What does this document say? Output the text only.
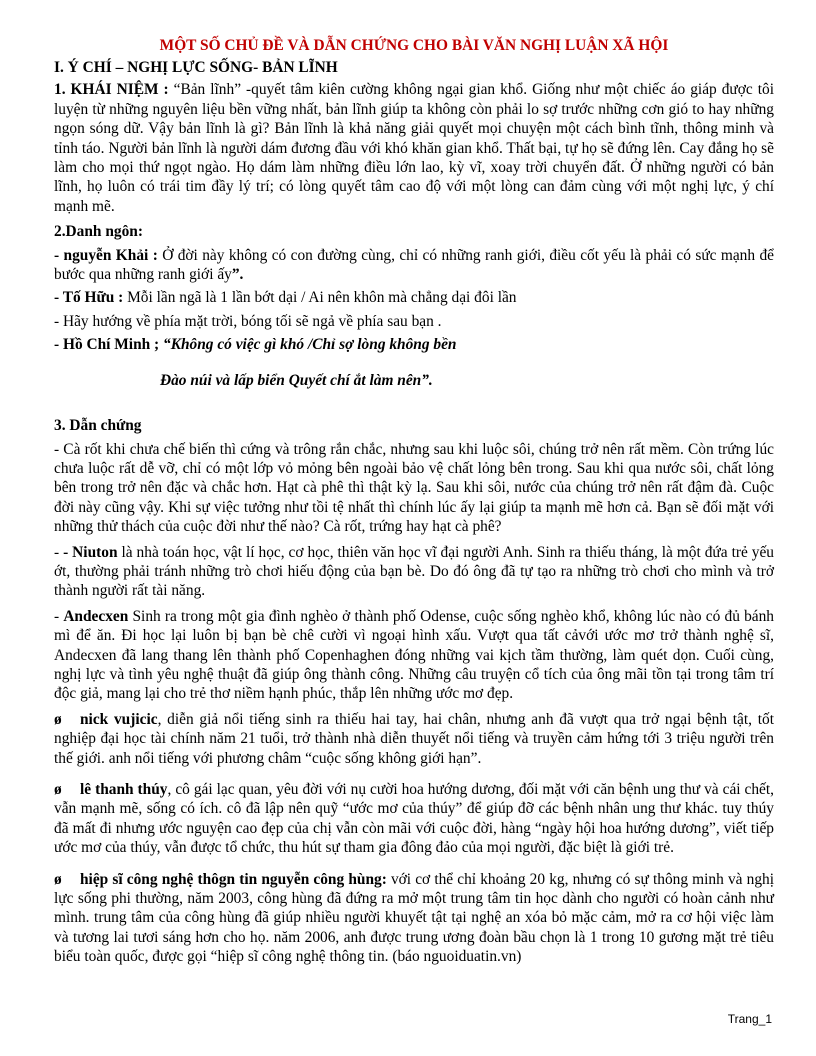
MỘT SỐ CHỦ ĐỀ VÀ DẪN CHỨNG CHO BÀI VĂN NGHỊ LUẬN XÃ HỘI
I. Ý CHÍ – NGHỊ LỰC SỐNG- BẢN LĨNH

1. KHÁI NIỆM : “Bản lĩnh” -quyết tâm kiên cường không ngại gian khổ. Giống như một chiếc áo giáp được tôi luyện từ những nguyên liệu bền vững nhất, bản lĩnh giúp ta không còn phải lo sợ trước những cơn gió to hay những ngọn sóng dữ. Vậy bản lĩnh là gì? Bản lĩnh là khả năng giải quyết mọi chuyện một cách bình tĩnh, thông minh và tỉnh táo. Người bản lĩnh là người dám đương đầu với khó khăn gian khổ. Thất bại, tự họ sẽ đứng lên. Cay đắng họ sẽ làm cho mọi thứ ngọt ngào. Họ dám làm những điều lớn lao, kỳ vĩ, xoay trời chuyển đất. Ở những người có bản lĩnh, họ luôn có trái tim đầy lý trí; có lòng quyết tâm cao độ với một lòng can đảm cùng với một nghị lực, ý chí mạnh mẽ.

2.Danh ngôn:

- nguyễn Khải : Ở đời này không có con đường cùng, chỉ có những ranh giới, điều cốt yếu là phải có sức mạnh để bước qua những ranh giới ấy”.

- Tố Hữu : Mỗi lần ngã là 1 lần bớt dại / Ai nên khôn mà chẳng dại đôi lần

- Hãy hướng về phía mặt trời, bóng tối sẽ ngả về phía sau bạn .

- Hồ Chí Minh ; “Không có việc gì khó /Chỉ sợ lòng không bền

Đào núi và lấp biển Quyết chí ắt làm nên”.

3. Dẫn chứng

- Cà rốt khi chưa chế biến thì cứng và trông rắn chắc, nhưng sau khi luộc sôi, chúng trở nên rất mềm. Còn trứng lúc chưa luộc rất dễ vỡ, chỉ có một lớp vỏ mỏng bên ngoài bảo vệ chất lỏng bên trong. Sau khi qua nước sôi, chất lỏng bên trong trở nên đặc và chắc hơn. Hạt cà phê thì thật kỳ lạ. Sau khi sôi, nước của chúng trở nên rất đậm đà. Cuộc đời này cũng vậy. Khi sự việc tưởng như tồi tệ nhất thì chính lúc ấy lại giúp ta mạnh mẽ hơn cả. Bạn sẽ đối mặt với những thử thách của cuộc đời như thế nào? Cà rốt, trứng hay hạt cà phê?

- - Niuton là nhà toán học, vật lí học, cơ học, thiên văn học vĩ đại người Anh. Sinh ra thiếu tháng, là một đứa trẻ yếu ớt, thường phải tránh những trò chơi hiếu động của bạn bè. Do đó ông đã tự tạo ra những trò chơi cho mình và trở thành người rất tài năng.

- Andecxen Sinh ra trong một gia đình nghèo ở thành phố Odense, cuộc sống nghèo khổ, không lúc nào có đủ bánh mì để ăn. Đi học lại luôn bị bạn bè chê cười vì ngoại hình xấu. Vượt qua tất cảvới ước mơ trở thành nghệ sĩ, Andecxen đã lang thang lên thành phố Copenhaghen đóng những vai kịch tầm thường, làm quét dọn. Cuối cùng, nghị lực và tình yêu nghệ thuật đã giúp ông thành công. Những câu truyện cổ tích của ông mãi tồn tại trong tâm trí độc giả, mang lại cho trẻ thơ niềm hạnh phúc, thắp lên những ước mơ đẹp.

ø nick vujicic, diễn giả nổi tiếng sinh ra thiếu hai tay, hai chân, nhưng anh đã vượt qua trở ngại bệnh tật, tốt nghiệp đại học tài chính năm 21 tuổi, trở thành nhà diễn thuyết nổi tiếng và truyền cảm hứng tới 3 triệu người trên thế giới. anh nổi tiếng với phương châm “cuộc sống không giới hạn”.

ø lê thanh thúy, cô gái lạc quan, yêu đời với nụ cười hoa hướng dương, đối mặt với căn bệnh ung thư và cái chết, vẫn mạnh mẽ, sống có ích. cô đã lập nên quỹ “ước mơ của thúy” để giúp đỡ các bệnh nhân ung thư khác. tuy thúy đã mất đi nhưng ước nguyện cao đẹp của chị vẫn còn mãi với cuộc đời, hàng “ngày hội hoa hướng dương”, viết tiếp ước mơ của thúy, vẫn được tổ chức, thu hút sự tham gia đông đảo của mọi người, đặc biệt là giới trẻ.

ø hiệp sĩ công nghệ thôgn tin nguyễn công hùng: với cơ thể chỉ khoảng 20 kg, nhưng có sự thông minh và nghị lực sống phi thường, năm 2003, công hùng đã đứng ra mở một trung tâm tin học dành cho người có hoàn cảnh như mình. trung tâm của công hùng đã giúp nhiều người khuyết tật tại nghệ an xóa bỏ mặc cảm, mở ra cơ hội việc làm và tương lai tươi sáng hơn cho họ. năm 2006, anh được trung ương đoàn bầu chọn là 1 trong 10 gương mặt trẻ tiêu biểu toàn quốc, được gọi “hiệp sĩ công nghệ thông tin. (báo nguoiduatin.vn)

Trang_1
